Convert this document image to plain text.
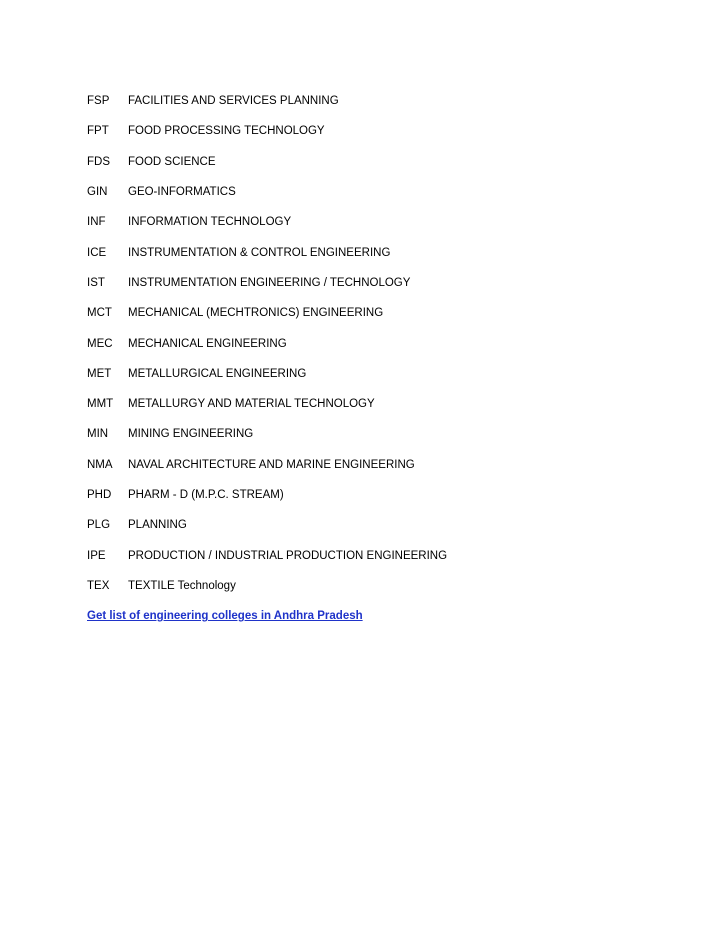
FSP	FACILITIES AND SERVICES PLANNING
FPT	FOOD PROCESSING TECHNOLOGY
FDS	FOOD SCIENCE
GIN	GEO-INFORMATICS
INF	INFORMATION TECHNOLOGY
ICE	INSTRUMENTATION & CONTROL ENGINEERING
IST	INSTRUMENTATION ENGINEERING / TECHNOLOGY
MCT	MECHANICAL (MECHTRONICS) ENGINEERING
MEC	MECHANICAL ENGINEERING
MET	METALLURGICAL ENGINEERING
MMT	METALLURGY AND MATERIAL TECHNOLOGY
MIN	MINING ENGINEERING
NMA	NAVAL ARCHITECTURE AND MARINE ENGINEERING
PHD	PHARM - D (M.P.C. STREAM)
PLG	PLANNING
IPE	PRODUCTION / INDUSTRIAL PRODUCTION ENGINEERING
TEX	TEXTILE Technology
Get list of engineering colleges in Andhra Pradesh
